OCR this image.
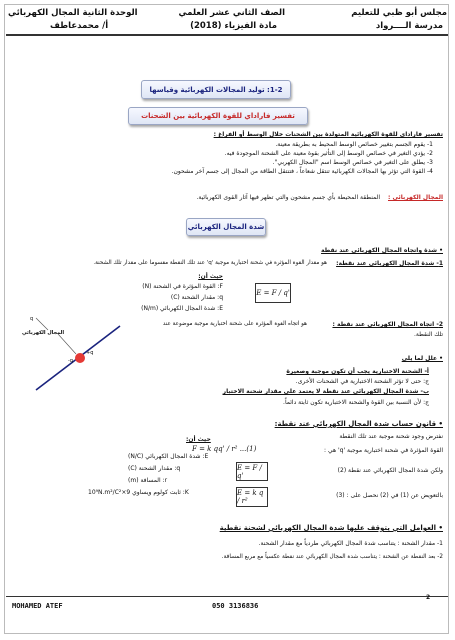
مجلس أبو ظبي للتعليم
مدرسة الــــرواد
الصف الثاني عشر العلمي
مادة الفيزياء (2018)
الوحدة الثانية المجال الكهربائي
أ/ محمدعاطف
1-2: توليد المجالات الكهربائية وقياسها
تفسير فاراداي للقوة الكهربائية بين الشحنات
تفسير فاراداي للقوة الكهربائية المتولدة بين الشحنات خلال الوسط أو الفراغ :
1- يقوم الجسم بتغيير خصائص الوسط المحيط به بطريقة معينة.
2- يؤدي التغير في خصائص الوسط إلى التأثير بقوة معينة على الشحنة الموجودة فيه.
3- يطلق على التغير في خصائص الوسط اسم "المجال الكهربي".
4- القوة التي تؤثر بها المجالات الكهربائية تنتقل شعاعاً ، فتنتقل الطاقة من المجال إلى جسم آخر مشحون.
المجال الكهربائي :
المنطقة المحيطة بأي جسم مشحون والتي تظهر فيها آثار القوى الكهربائية.
شدة المجال الكهربائي
• شدة واتجاه المجال الكهربائي عند نقطة
1- شدة المجال الكهربائي عند نقطة:
هو مقدار القوة المؤثرة في شحنة اختبارية موجبة 'q' عند تلك النقطة مقسوما على مقدار تلك الشحنة.
حيث أن:
F: القوة المؤثرة في الشحنة (N)
q: مقدار الشحنة (C)
E: شدة المجال الكهربائي (N/m)
E = F / q'
2- اتجاه المجال الكهربائي عند نقطة :
هو اتجاه القوة المؤثرة على شحنة اختبارية موجبة موضوعة عند
تلك النقطة.
المجال الكهربائي
q
-q
+q
• علل لما يلي
أ- الشحنة الاختبارية يجب أن تكون موجبة وصغيرة
ج: حتى لا تؤثر الشحنة الاختبارية في الشحنات الأخرى.
ب- شدة المجال الكهربائي عند نقطة لا يعتمد على مقدار شحنة الاختبار
ج: لأن النسبة بين القوة والشحنة الاختبارية تكون ثابتة دائماً.
• قانون حساب شدة المجال الكهربائي عند نقطة:
نفترض وجود شحنة موجبة عند تلك النقطة
القوة المؤثرة في شحنة اختبارية موجبة 'q' هي :
F = k qq' / r² ...(1)
ولكن شدة المجال الكهربائي عند نقطة (2)
E = F / q'
بالتعويض عن (1) في (2) نحصل على : (3)
E = k q / r²
حيث أن:
E: شدة المجال الكهربائي (N/C)
q: مقدار الشحنة (C)
r: المسافة (m)
K: ثابت كولوم ويساوي 9×10⁹N.m²/C²
• العوامل التي يتوقف عليها شدة المجال الكهربائي لشحنة نقطية
1- مقدار الشحنة : يتناسب شدة المجال الكهربائي طردياً مع مقدار الشحنة.
2- بعد النقطة عن الشحنة : يتناسب شدة المجال الكهربائي عند نقطة عكسياً مع مربع المسافة.
MOHAMED ATEF	050 3136836
2
